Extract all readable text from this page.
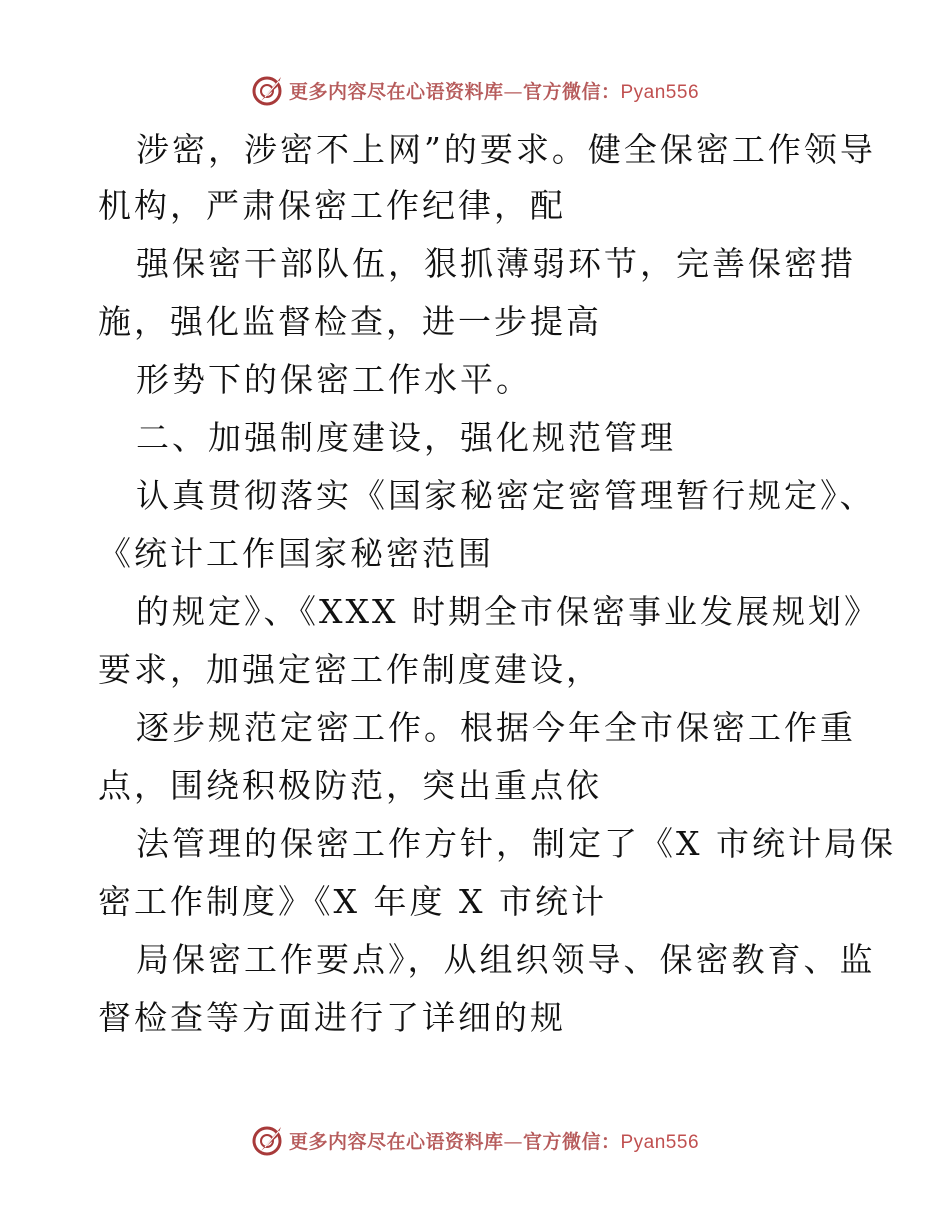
更多内容尽在心语资料库—官方微信：Pyan556
涉密，涉密不上网”的要求。健全保密工作领导
机构，严肃保密工作纪律，配
强保密干部队伍，狠抓薄弱环节，完善保密措
施，强化监督检查，进一步提高
形势下的保密工作水平。
二、加强制度建设，强化规范管理
认真贯彻落实《国家秘密定密管理暂行规定》、
《统计工作国家秘密范围
的规定》、《XXX 时期全市保密事业发展规划》
要求，加强定密工作制度建设，
逐步规范定密工作。根据今年全市保密工作重
点，围绕积极防范，突出重点依
法管理的保密工作方针，制定了《X 市统计局保
密工作制度》《X 年度 X 市统计
局保密工作要点》，从组织领导、保密教育、监
督检查等方面进行了详细的规
更多内容尽在心语资料库—官方微信：Pyan556
